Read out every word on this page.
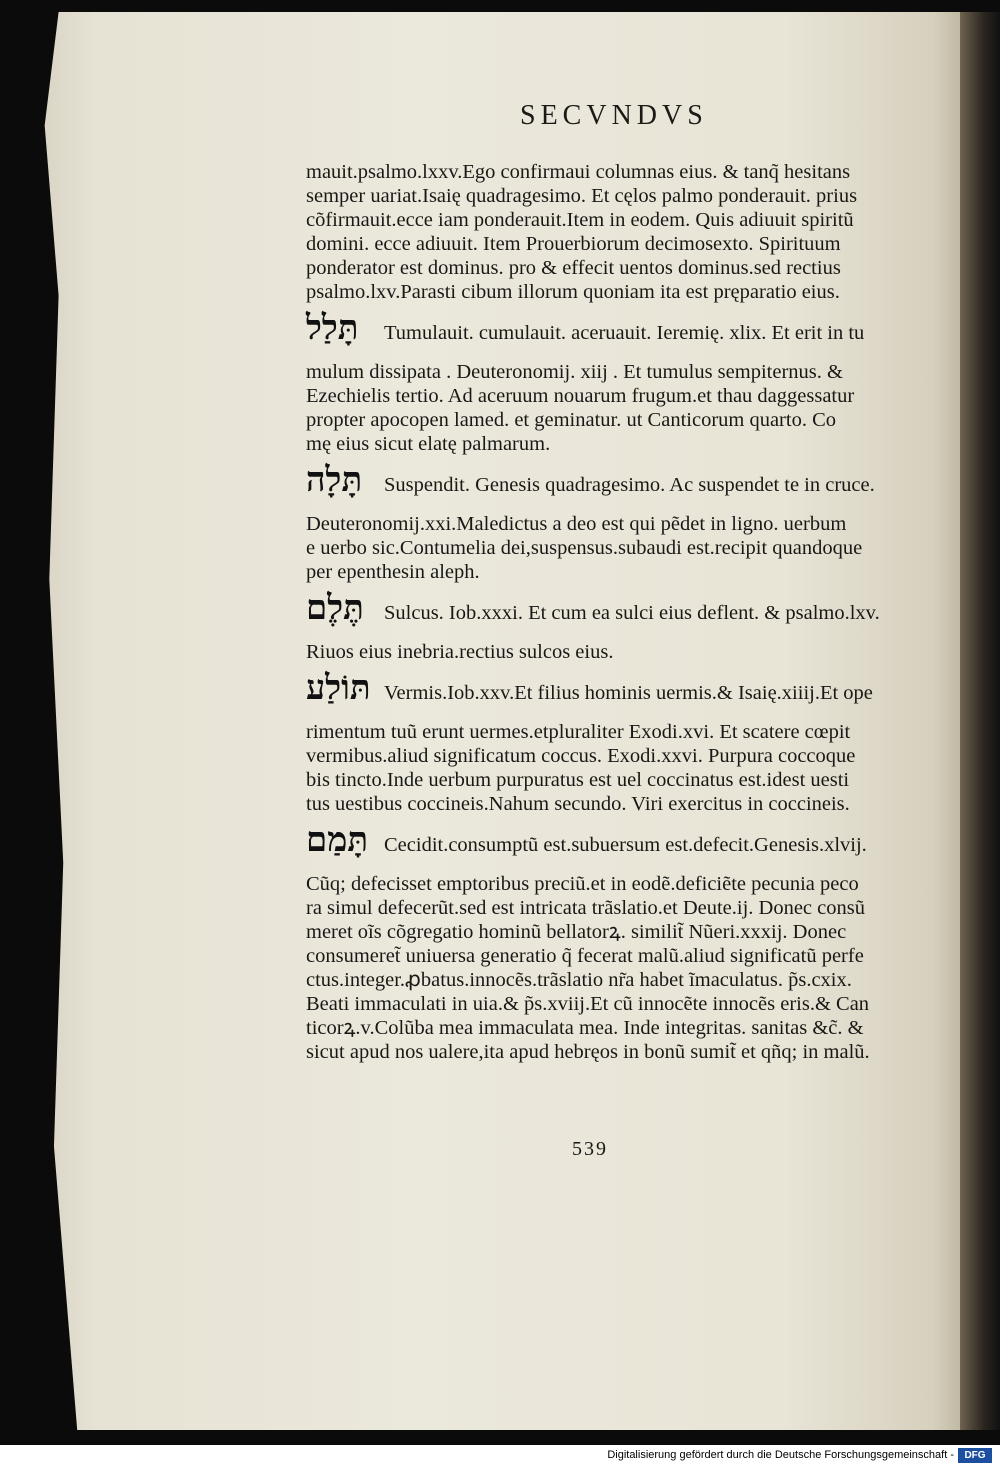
SECVNDVS
mauit.psalmo.lxxv.Ego confirmaui columnas eius. & tanq̃ hesitans
semper uariat.Isaię quadragesimo. Et cęlos palmo ponderauit. prius
cõfirmauit.ecce iam ponderauit.Item in eodem. Quis adiuuit spiritũ
domini. ecce adiuuit. Item Prouerbiorum decimosexto. Spirituum
ponderator est dominus. pro & effecit uentos dominus.sed rectius
psalmo.lxv.Parasti cibum illorum quoniam ita est pręparatio eius.
תָּלַל	Tumulauit. cumulauit. aceruauit. Ieremię. xlix. Et erit in tu
mulum dissipata . Deuteronomij. xiij . Et tumulus sempiternus. &
Ezechielis tertio. Ad aceruum nouarum frugum.et thau daggessatur
propter apocopen lamed. et geminatur. ut Canticorum quarto. Co
mę eius sicut elatę palmarum.
תָּלָה	Suspendit. Genesis quadragesimo. Ac suspendet te in cruce.
Deuteronomij.xxi.Maledictus a deo est qui pẽdet in ligno. uerbum
e uerbo sic.Contumelia dei,suspensus.subaudi est.recipit quandoque
per epenthesin aleph.
תֶּלֶם Sulcus. Iob.xxxi. Et cum ea sulci eius deflent. & psalmo.lxv.
Riuos eius inebria.rectius sulcos eius.
תּוֹלַע Vermis.Iob.xxv.Et filius hominis uermis.& Isaię.xiiij.Et ope
rimentum tuũ erunt uermes.etpluraliter Exodi.xvi. Et scatere cœpit
vermibus.aliud significatum coccus. Exodi.xxvi. Purpura coccoque
bis tincto.Inde uerbum purpuratus est uel coccinatus est.idest uesti
tus uestibus coccineis.Nahum secundo. Viri exercitus in coccineis.
תָּמַם Cecidit.consumptũ est.subuersum est.defecit.Genesis.xlvij.
Cũq; defecisset emptoribus preciũ.et in eodẽ.deficiẽte pecunia peco
ra simul defecerũt.sed est intricata trãslatio.et Deute.ij. Donec consũ
meret oĩs cõgregatio hominũ bellatorꝝ. similit̃ Nũeri.xxxij. Donec
consumeret̃ uniuersa generatio q̃ fecerat malũ.aliud significatũ perfe
ctus.integer.ꝓbatus.innocẽs.trãslatio nr̃a habet ĩmaculatus. p̃s.cxix.
Beati immaculati in uia.& p̃s.xviij.Et cũ innocẽte innocẽs eris.& Can
ticorꝝ.v.Colũba mea immaculata mea. Inde integritas. sanitas &c̃. &
sicut apud nos ualere,ita apud hebręos in bonũ sumit̃ et qñq; in malũ.

539

Digitalisierung gefördert durch die Deutsche Forschungsgemeinschaft -	DFG
